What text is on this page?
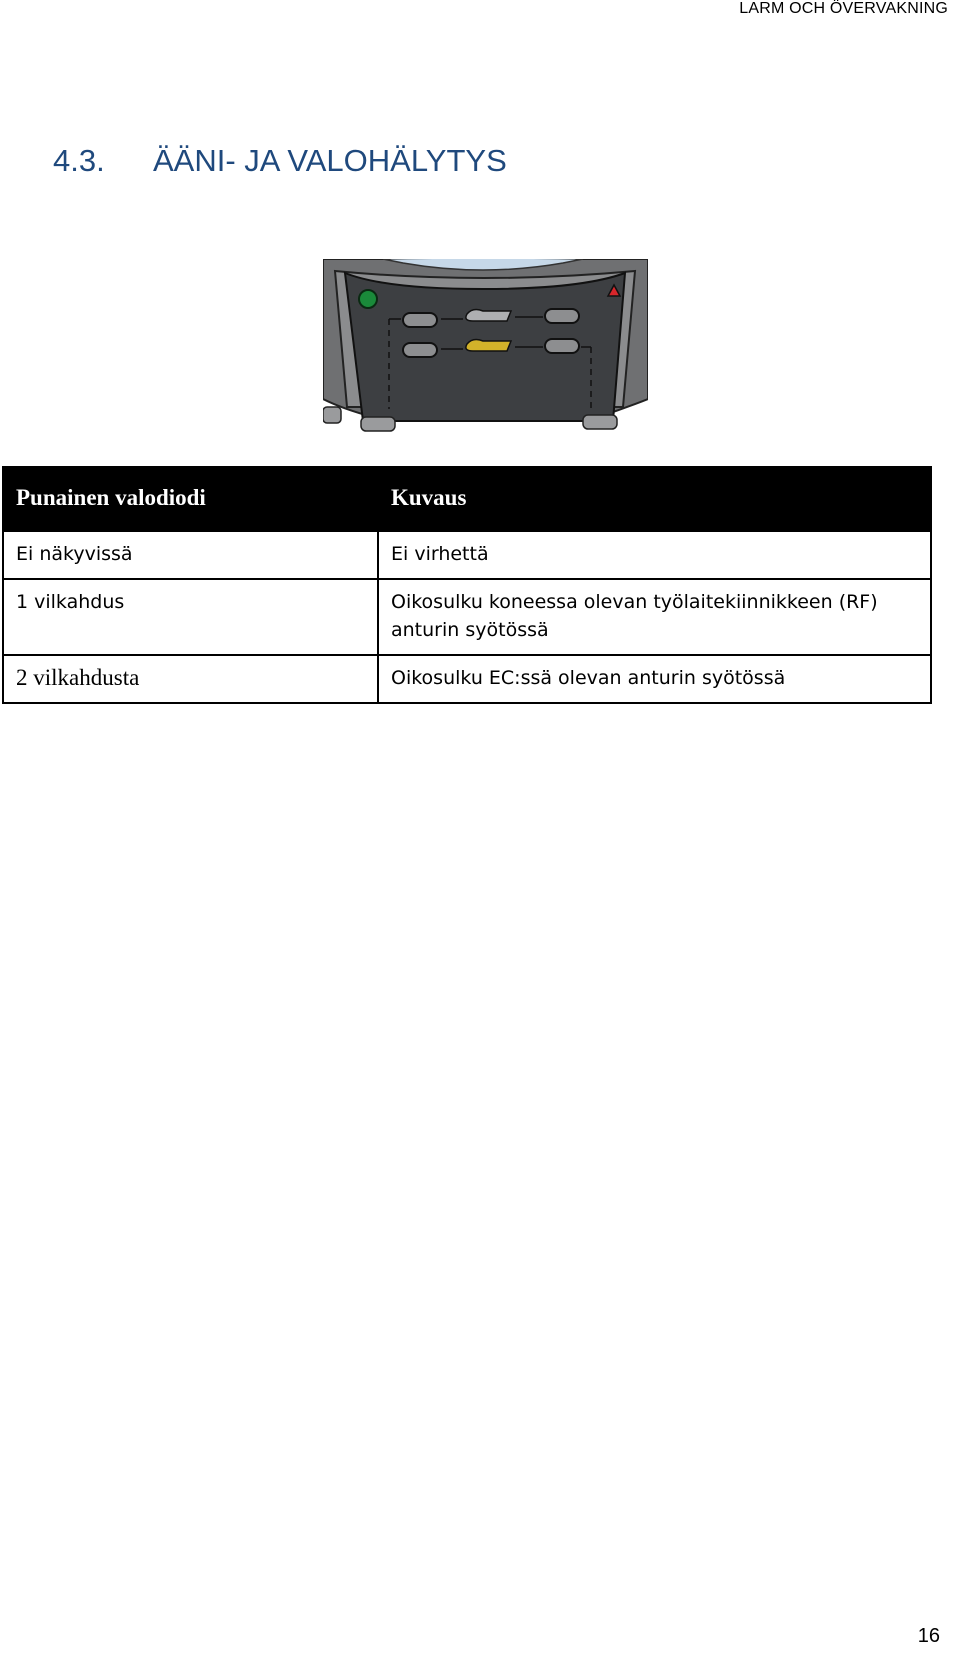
LARM OCH ÖVERVAKNING
4.3. ÄÄNI- JA VALOHÄLYTYS
Punainen valodiodi	Kuvaus
Ei näkyvissä	Ei virhettä
1 vilkahdus	Oikosulku koneessa olevan työlaitekiinnikkeen (RF) anturin syötössä
2 vilkahdusta	Oikosulku EC:ssä olevan anturin syötössä
16
